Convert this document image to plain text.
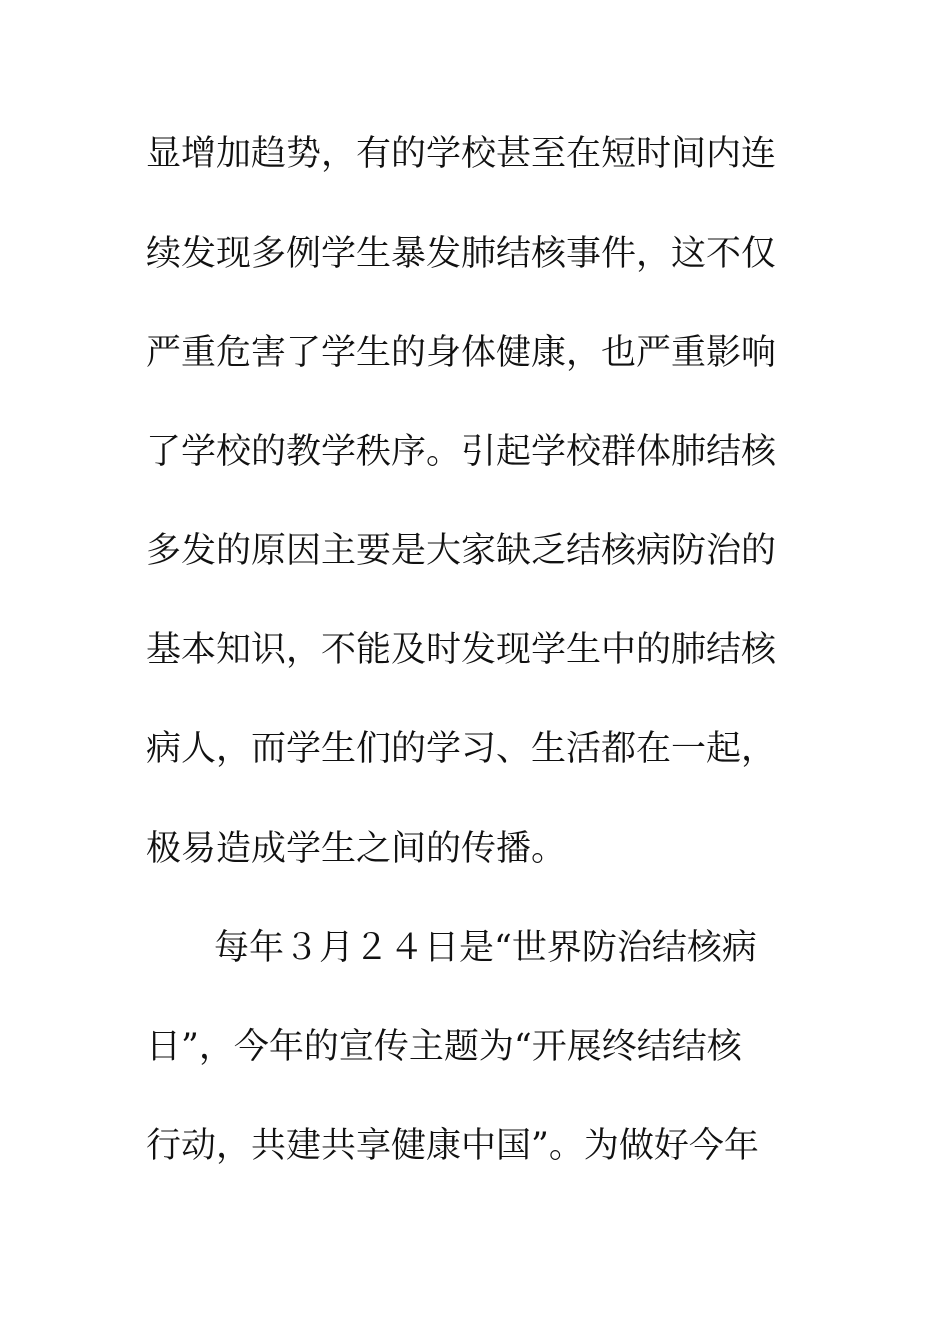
显增加趋势，有的学校甚至在短时间内连
续发现多例学生暴发肺结核事件，这不仅
严重危害了学生的身体健康，也严重影响
了学校的教学秩序。引起学校群体肺结核
多发的原因主要是大家缺乏结核病防治的
基本知识，不能及时发现学生中的肺结核
病人，而学生们的学习、生活都在一起，
极易造成学生之间的传播。
每年３月２４日是“世界防治结核病
日”，今年的宣传主题为“开展终结结核
行动，共建共享健康中国”。为做好今年
